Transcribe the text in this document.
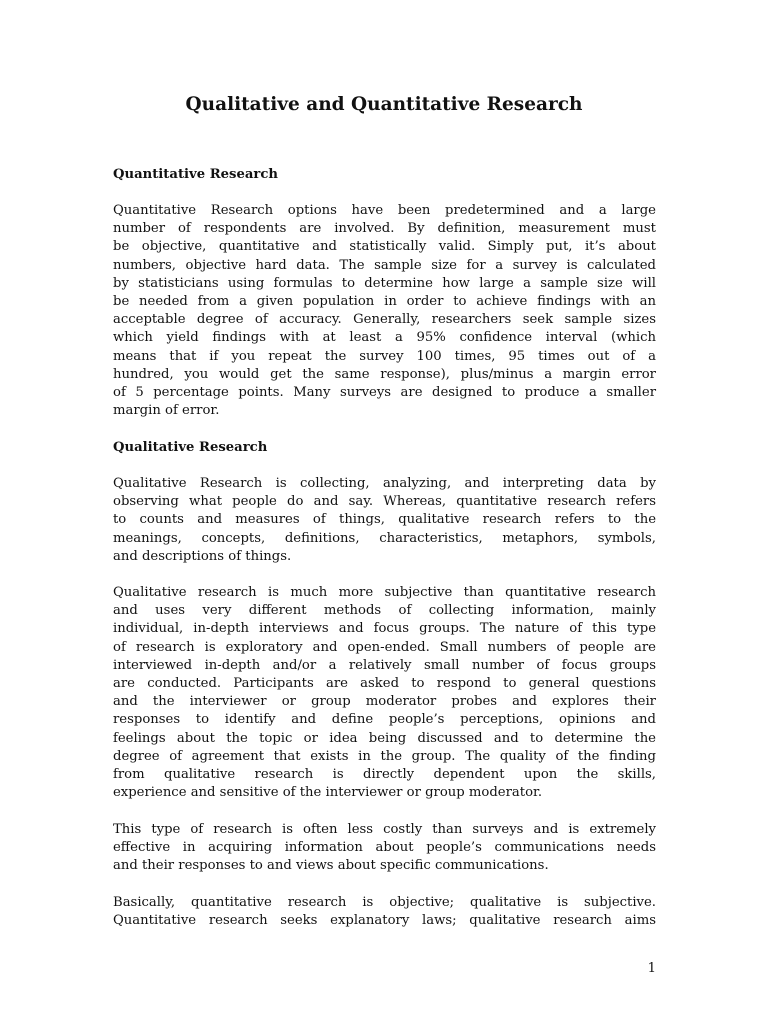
Qualitative and Quantitative Research
Quantitative Research

Quantitative Research options have been predetermined and a large
number of respondents are involved. By definition, measurement must
be objective, quantitative and statistically valid. Simply put, it’s about
numbers, objective hard data. The sample size for a survey is calculated
by statisticians using formulas to determine how large a sample size will
be needed from a given population in order to achieve findings with an
acceptable degree of accuracy. Generally, researchers seek sample sizes
which yield findings with at least a 95% confidence interval (which
means that if you repeat the survey 100 times, 95 times out of a
hundred, you would get the same response), plus/minus a margin error
of 5 percentage points. Many surveys are designed to produce a smaller
margin of error.

Qualitative Research

Qualitative Research is collecting, analyzing, and interpreting data by
observing what people do and say. Whereas, quantitative research refers
to counts and measures of things, qualitative research refers to the
meanings, concepts, definitions, characteristics, metaphors, symbols,
and descriptions of things.

Qualitative research is much more subjective than quantitative research
and uses very different methods of collecting information, mainly
individual, in-depth interviews and focus groups. The nature of this type
of research is exploratory and open-ended. Small numbers of people are
interviewed in-depth and/or a relatively small number of focus groups
are conducted. Participants are asked to respond to general questions
and the interviewer or group moderator probes and explores their
responses to identify and define people’s perceptions, opinions and
feelings about the topic or idea being discussed and to determine the
degree of agreement that exists in the group. The quality of the finding
from qualitative research is directly dependent upon the skills,
experience and sensitive of the interviewer or group moderator.

This type of research is often less costly than surveys and is extremely
effective in acquiring information about people’s communications needs
and their responses to and views about specific communications.

Basically, quantitative research is objective; qualitative is subjective.
Quantitative research seeks explanatory laws; qualitative research aims

1
